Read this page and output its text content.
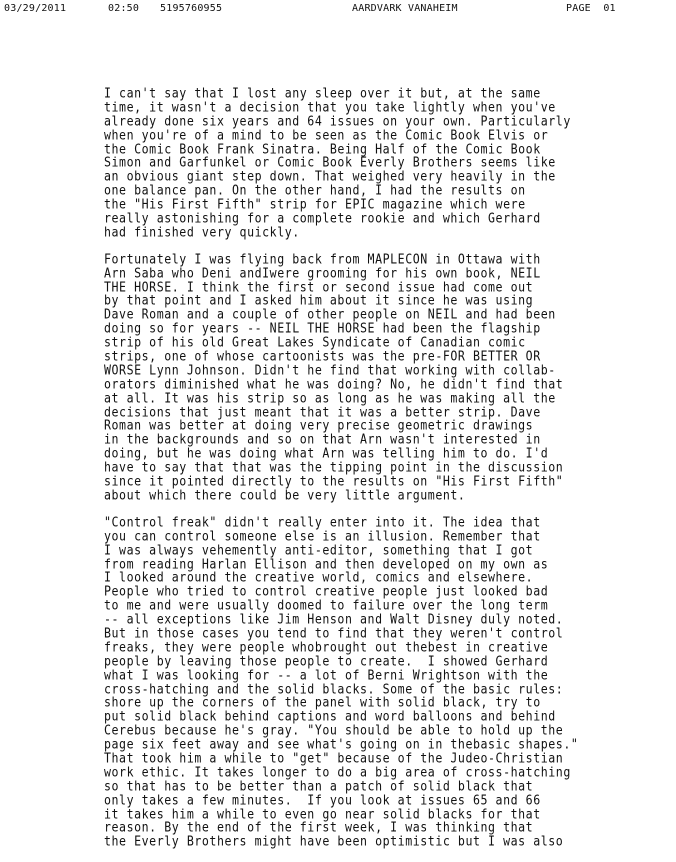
03/29/2011

	02:50

5195760955

	AARDVARK VANAHEIM

	PAGE  01

I can't say that I lost any sleep over it but, at the same
time, it wasn't a decision that you take lightly when you've
already done six years and 64 issues on your own. Particularly
when you're of a mind to be seen as the Comic Book Elvis or
the Comic Book Frank Sinatra. Being Half of the Comic Book
Simon and Garfunkel or Comic Book Everly Brothers seems like
an obvious giant step down. That weighed very heavily in the
one balance pan. On the other hand, I had the results on
the "His First Fifth" strip for EPIC magazine which were
really astonishing for a complete rookie and which Gerhard
had finished very quickly.
Fortunately I was flying back from MAPLECON in Ottawa with
Arn Saba who Deni andIwere grooming for his own book, NEIL
THE HORSE. I think the first or second issue had come out
by that point and I asked him about it since he was using
Dave Roman and a couple of other people on NEIL and had been
doing so for years -- NEIL THE HORSE had been the flagship
strip of his old Great Lakes Syndicate of Canadian comic
strips, one of whose cartoonists was the pre-FOR BETTER OR
WORSE Lynn Johnson. Didn't he find that working with collab-
orators diminished what he was doing? No, he didn't find that
at all. It was his strip so as long as he was making all the
decisions that just meant that it was a better strip. Dave
Roman was better at doing very precise geometric drawings
in the backgrounds and so on that Arn wasn't interested in
doing, but he was doing what Arn was telling him to do. I'd
have to say that that was the tipping point in the discussion
since it pointed directly to the results on "His First Fifth"
about which there could be very little argument.
"Control freak" didn't really enter into it. The idea that
you can control someone else is an illusion. Remember that
I was always vehemently anti-editor, something that I got
from reading Harlan Ellison and then developed on my own as
I looked around the creative world, comics and elsewhere.
People who tried to control creative people just looked bad
to me and were usually doomed to failure over the long term
-- all exceptions like Jim Henson and Walt Disney duly noted.
But in those cases you tend to find that they weren't control
freaks, they were people whobrought out thebest in creative
people by leaving those people to create.  I showed Gerhard
what I was looking for -- a lot of Berni Wrightson with the
cross-hatching and the solid blacks. Some of the basic rules:
shore up the corners of the panel with solid black, try to
put solid black behind captions and word balloons and behind
Cerebus because he's gray. "You should be able to hold up the
page six feet away and see what's going on in thebasic shapes."
That took him a while to "get" because of the Judeo-Christian
work ethic. It takes longer to do a big area of cross-hatching
so that has to be better than a patch of solid black that
only takes a few minutes.  If you look at issues 65 and 66
it takes him a while to even go near solid blacks for that
reason. By the end of the first week, I was thinking that
the Everly Brothers might have been optimistic but I was also
